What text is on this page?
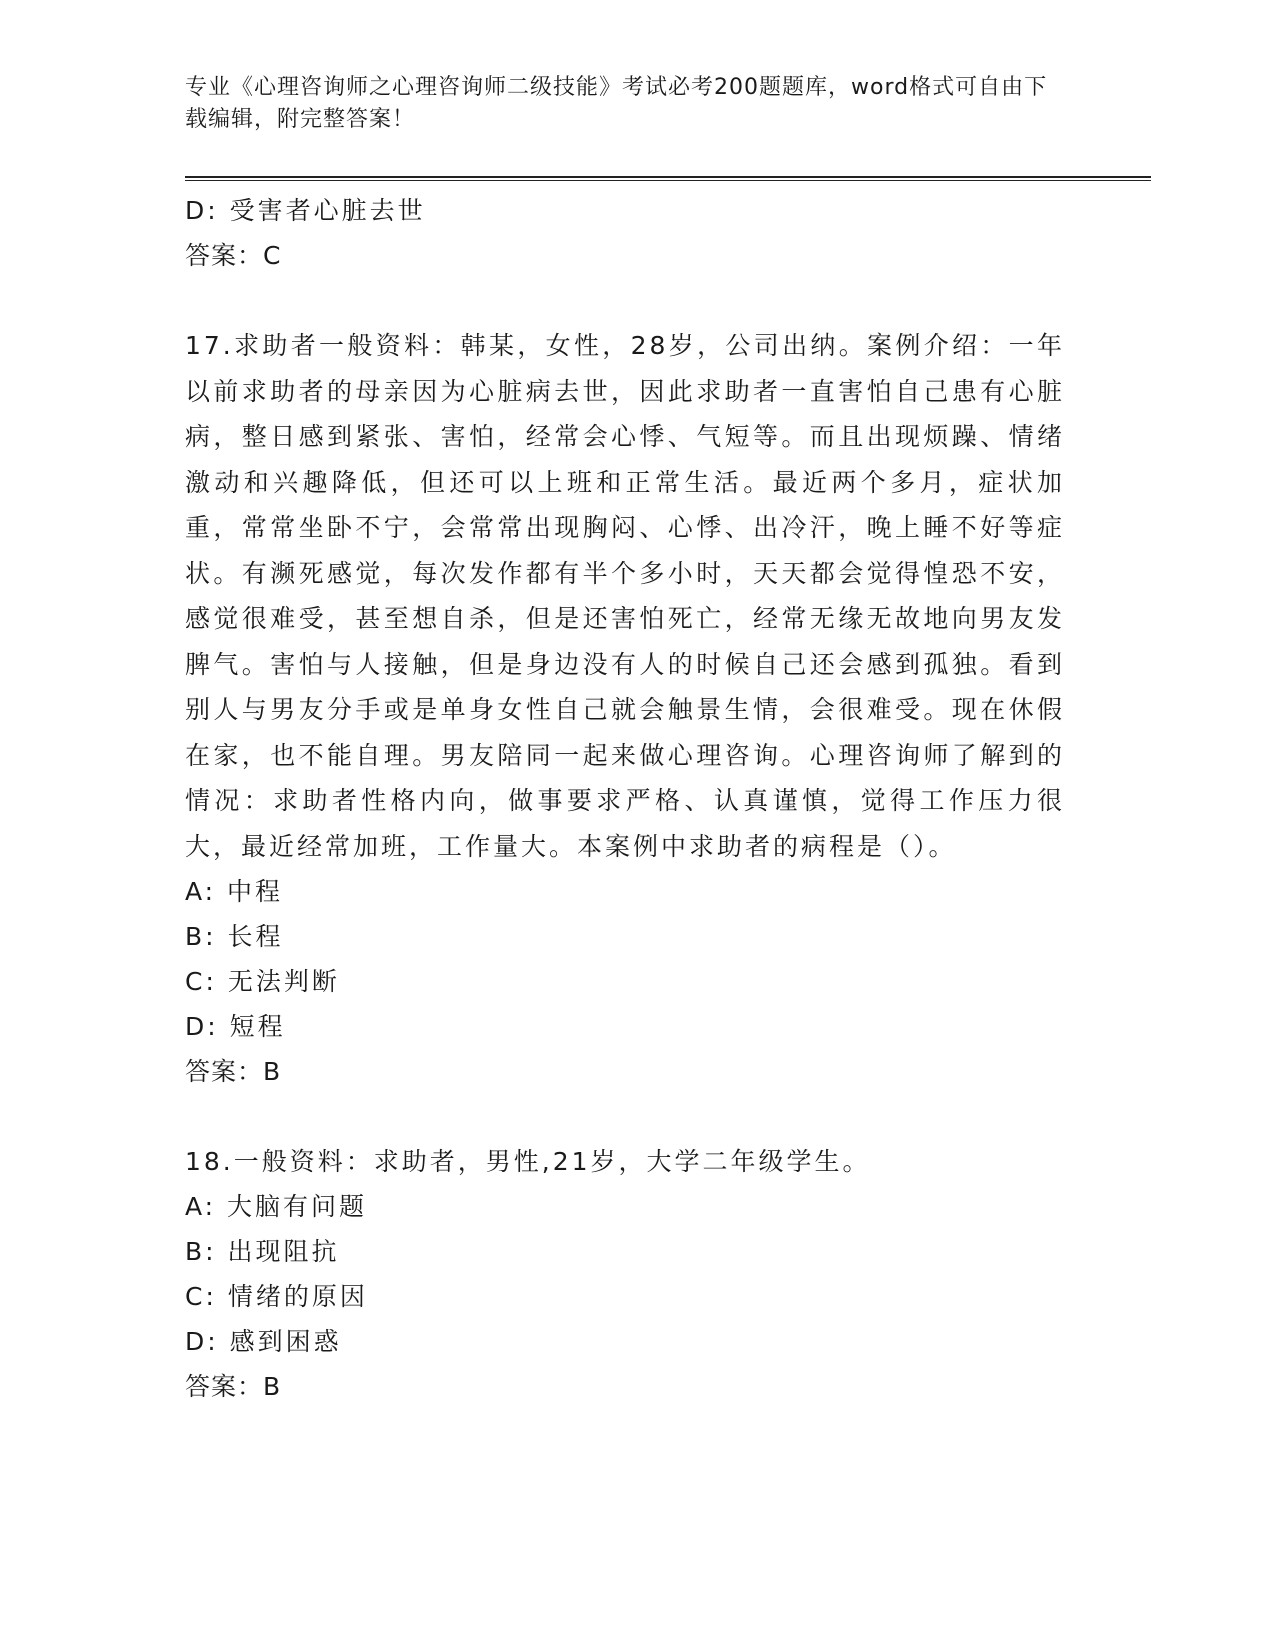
专业《心理咨询师之心理咨询师二级技能》考试必考200题题库，word格式可自由下载编辑，附完整答案！
D: 受害者心脏去世
答案：C
17.求助者一般资料：韩某，女性，28岁，公司出纳。案例介绍：一年以前求助者的母亲因为心脏病去世，因此求助者一直害怕自己患有心脏病，整日感到紧张、害怕，经常会心悸、气短等。而且出现烦躁、情绪激动和兴趣降低，但还可以上班和正常生活。最近两个多月，症状加重，常常坐卧不宁，会常常出现胸闷、心悸、出冷汗，晚上睡不好等症状。有濒死感觉，每次发作都有半个多小时，天天都会觉得惶恐不安，感觉很难受，甚至想自杀，但是还害怕死亡，经常无缘无故地向男友发脾气。害怕与人接触，但是身边没有人的时候自己还会感到孤独。看到别人与男友分手或是单身女性自己就会触景生情，会很难受。现在休假在家，也不能自理。男友陪同一起来做心理咨询。心理咨询师了解到的情况：求助者性格内向，做事要求严格、认真谨慎，觉得工作压力很大，最近经常加班，工作量大。本案例中求助者的病程是（）。
A: 中程
B: 长程
C: 无法判断
D: 短程
答案：B
18.一般资料：求助者，男性,21岁，大学二年级学生。
A: 大脑有问题
B: 出现阻抗
C: 情绪的原因
D: 感到困惑
答案：B
